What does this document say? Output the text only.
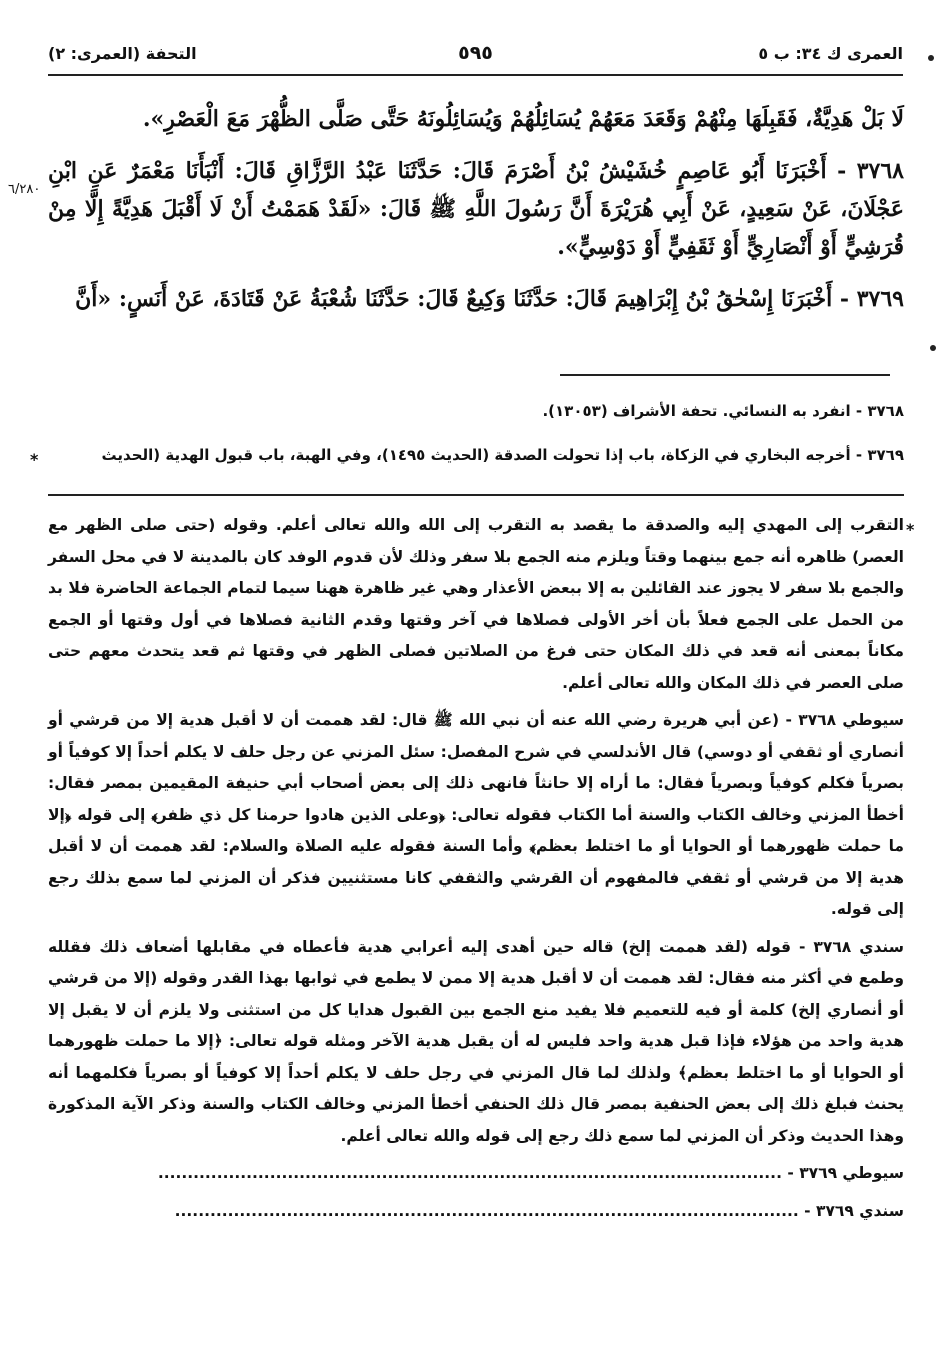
العمرى ك ٣٤: ب ٥
٥٩٥
التحفة (العمرى: ٢)
٦/٢٨٠

لَا بَلْ هَدِيَّةٌ، فَقَبِلَهَا مِنْهُمْ وَقَعَدَ مَعَهُمْ يُسَائِلُهُمْ وَيُسَائِلُونَهُ حَتَّى صَلَّى الظُّهْرَ مَعَ الْعَصْرِ».

٣٧٦٨ - أَخْبَرَنَا أَبُو عَاصِمٍ خُشَيْشُ بْنُ أَصْرَمَ قَالَ: حَدَّثَنَا عَبْدُ الرَّزَّاقِ قَالَ: أَنْبَأَنَا مَعْمَرٌ عَنِ ابْنِ عَجْلَانَ، عَنْ سَعِيدٍ، عَنْ أَبِي هُرَيْرَةَ أَنَّ رَسُولَ اللَّهِ ﷺ قَالَ: «لَقَدْ هَمَمْتُ أَنْ لَا أَقْبَلَ هَدِيَّةً إِلَّا مِنْ قُرَشِيٍّ أَوْ أَنْصَارِيٍّ أَوْ ثَقَفِيٍّ أَوْ دَوْسِيٍّ».

٣٧٦٩ - أَخْبَرَنَا إِسْحٰقُ بْنُ إِبْرَاهِيمَ قَالَ: حَدَّثَنَا وَكِيعٌ قَالَ: حَدَّثَنَا شُعْبَةُ عَنْ قَتَادَةَ، عَنْ أَنَسٍ: «أَنَّ

٣٧٦٨ - انفرد به النسائي. تحفة الأشراف (١٣٠٥٣).

٣٧٦٩ - أخرجه البخاري في الزكاة، باب إذا تحولت الصدقة (الحديث ١٤٩٥)، وفي الهبة، باب قبول الهدية (الحديث

*
*

التقرب إلى المهدي إليه والصدقة ما يقصد به التقرب إلى الله والله تعالى أعلم. وقوله (حتى صلى الظهر مع العصر) ظاهره أنه جمع بينهما وقتاً ويلزم منه الجمع بلا سفر وذلك لأن قدوم الوفد كان بالمدينة لا في محل السفر والجمع بلا سفر لا يجوز عند القائلين به إلا ببعض الأعذار وهي غير ظاهرة ههنا سيما لتمام الجماعة الحاضرة فلا بد من الحمل على الجمع فعلاً بأن أخر الأولى فصلاها في آخر وقتها وقدم الثانية فصلاها في أول وقتها أو الجمع مكاناً بمعنى أنه قعد في ذلك المكان حتى فرغ من الصلاتين فصلى الظهر في وقتها ثم قعد يتحدث معهم حتى صلى العصر في ذلك المكان والله تعالى أعلم.

سيوطي ٣٧٦٨ - (عن أبي هريرة رضي الله عنه أن نبي الله ﷺ قال: لقد هممت أن لا أقبل هدية إلا من قرشي أو أنصاري أو ثقفي أو دوسي) قال الأندلسي في شرح المفصل: سئل المزني عن رجل حلف لا يكلم أحداً إلا كوفياً أو بصرياً فكلم كوفياً وبصرياً فقال: ما أراه إلا حانثاً فانهى ذلك إلى بعض أصحاب أبي حنيفة المقيمين بمصر فقال: أخطأ المزني وخالف الكتاب والسنة أما الكتاب فقوله تعالى: ﴿وعلى الذين هادوا حرمنا كل ذي ظفر﴾ إلى قوله ﴿إلا ما حملت ظهورهما أو الحوايا أو ما اختلط بعظم﴾ وأما السنة فقوله عليه الصلاة والسلام: لقد هممت أن لا أقبل هدية إلا من قرشي أو ثقفي فالمفهوم أن القرشي والثقفي كانا مستثنيين فذكر أن المزني لما سمع بذلك رجع إلى قوله.

سندي ٣٧٦٨ - قوله (لقد هممت إلخ) قاله حين أهدى إليه أعرابي هدية فأعطاه في مقابلها أضعاف ذلك فقلله وطمع في أكثر منه فقال: لقد هممت أن لا أقبل هدية إلا ممن لا يطمع في ثوابها بهذا القدر وقوله (إلا من قرشي أو أنصاري إلخ) كلمة أو فيه للتعميم فلا يفيد منع الجمع بين القبول هدايا كل من استثنى ولا يلزم أن لا يقبل إلا هدية واحد من هؤلاء فإذا قبل هدية واحد فليس له أن يقبل هدية الآخر ومثله قوله تعالى: ﴿إلا ما حملت ظهورهما أو الحوايا أو ما اختلط بعظم﴾ ولذلك لما قال المزني في رجل حلف لا يكلم أحداً إلا كوفياً أو بصرياً فكلمهما أنه يحنث فبلغ ذلك إلى بعض الحنفية بمصر قال ذلك الحنفي أخطأ المزني وخالف الكتاب والسنة وذكر الآية المذكورة وهذا الحديث وذكر أن المزني لما سمع ذلك رجع إلى قوله والله تعالى أعلم.

سيوطي ٣٧٦٩ - ..........................................................................................................

سندي ٣٧٦٩ - ..........................................................................................................
